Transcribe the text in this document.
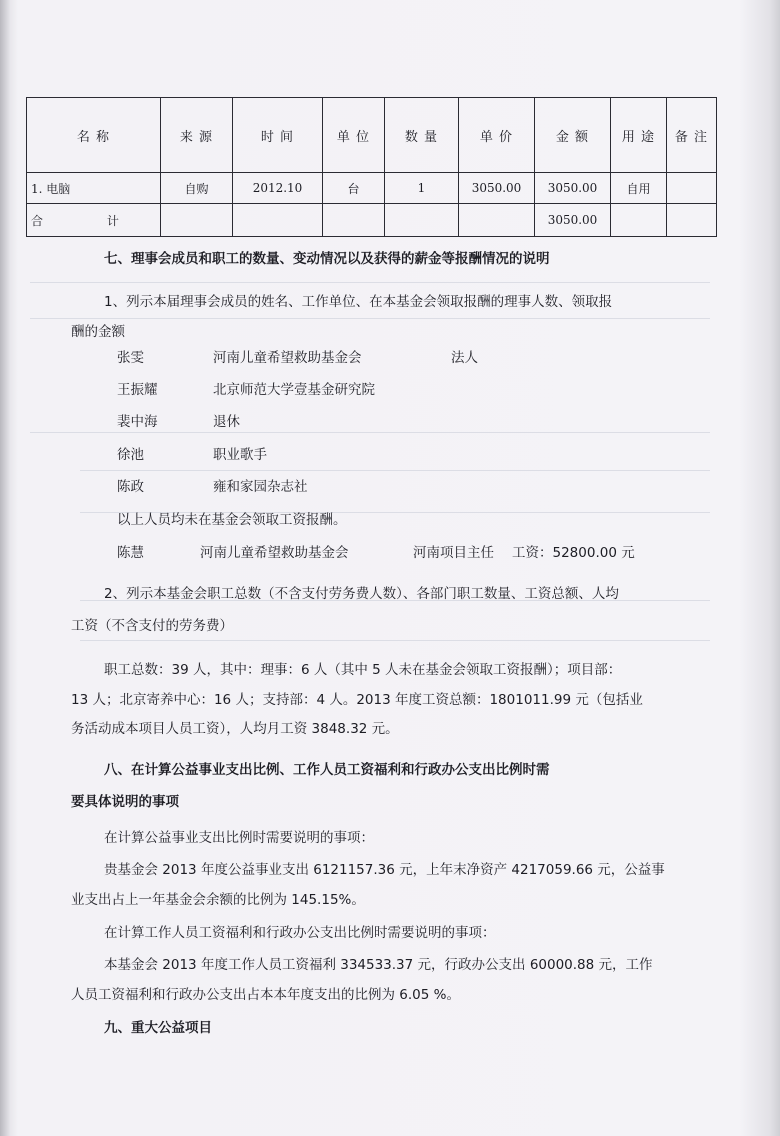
名 称	来 源	时 间	单 位	数 量	单 价	金 额	用 途	备 注
1. 电脑	自购	2012.10	台	1	3050.00	3050.00	自用	
合 计						3050.00		
七、理事会成员和职工的数量、变动情况以及获得的薪金等报酬情况的说明
1、列示本届理事会成员的姓名、工作单位、在本基金会领取报酬的理事人数、领取报
酬的金额
张雯	河南儿童希望救助基金会	法人
王振耀	北京师范大学壹基金研究院
裴中海	退休
徐池	职业歌手
陈政	雍和家园杂志社
以上人员均未在基金会领取工资报酬。
陈慧	河南儿童希望救助基金会	河南项目主任 工资：52800.00 元
2、列示本基金会职工总数（不含支付劳务费人数）、各部门职工数量、工资总额、人均
工资（不含支付的劳务费）
职工总数：39 人，其中：理事：6 人（其中 5 人未在基金会领取工资报酬）；项目部：
13 人；北京寄养中心：16 人；支持部：4 人。2013 年度工资总额：1801011.99 元（包括业
务活动成本项目人员工资），人均月工资 3848.32 元。
八、在计算公益事业支出比例、工作人员工资福利和行政办公支出比例时需
要具体说明的事项
在计算公益事业支出比例时需要说明的事项：
贵基金会 2013 年度公益事业支出 6121157.36 元，上年末净资产 4217059.66 元，公益事
业支出占上一年基金会余额的比例为 145.15%。
在计算工作人员工资福利和行政办公支出比例时需要说明的事项：
本基金会 2013 年度工作人员工资福利 334533.37 元，行政办公支出 60000.88 元，工作
人员工资福利和行政办公支出占本本年度支出的比例为 6.05 %。
九、重大公益项目
